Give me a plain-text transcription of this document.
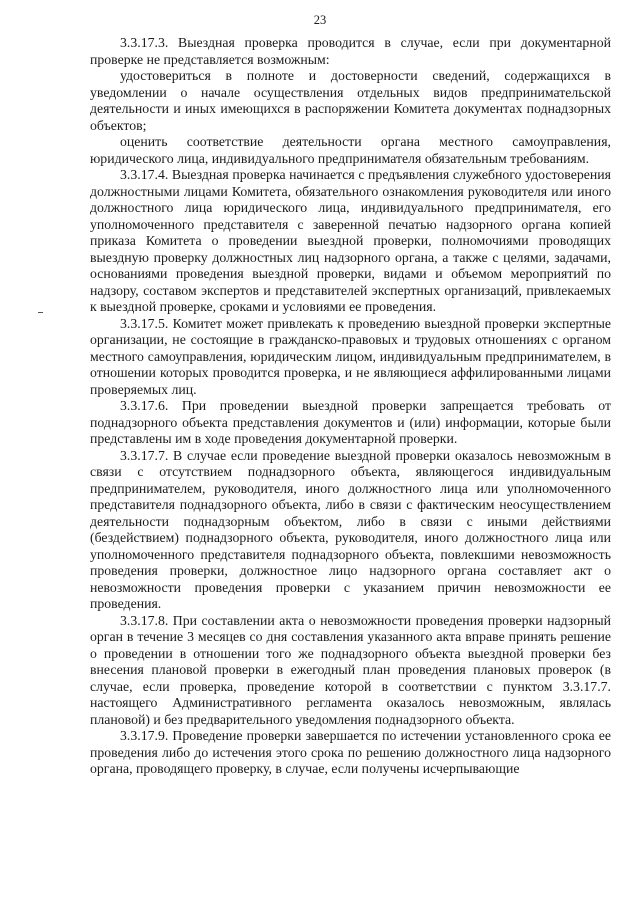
23

3.3.17.3. Выездная проверка проводится в случае, если при документарной проверке не представляется возможным:

удостовериться в полноте и достоверности сведений, содержащихся в уведомлении о начале осуществления отдельных видов предпринимательской деятельности и иных имеющихся в распоряжении Комитета документах поднадзорных объектов;

оценить соответствие деятельности органа местного самоуправления, юридического лица, индивидуального предпринимателя обязательным требованиям.

3.3.17.4. Выездная проверка начинается с предъявления служебного удостоверения должностными лицами Комитета, обязательного ознакомления руководителя или иного должностного лица юридического лица, индивидуального предпринимателя, его уполномоченного представителя с заверенной печатью надзорного органа копией приказа Комитета о проведении выездной проверки, полномочиями проводящих выездную проверку должностных лиц надзорного органа, а также с целями, задачами, основаниями проведения выездной проверки, видами и объемом мероприятий по надзору, составом экспертов и представителей экспертных организаций, привлекаемых к выездной проверке, сроками и условиями ее проведения.

3.3.17.5. Комитет может привлекать к проведению выездной проверки экспертные организации, не состоящие в гражданско-правовых и трудовых отношениях с органом местного самоуправления, юридическим лицом, индивидуальным предпринимателем, в отношении которых проводится проверка, и не являющиеся аффилированными лицами проверяемых лиц.

3.3.17.6. При проведении выездной проверки запрещается требовать от поднадзорного объекта представления документов и (или) информации, которые были представлены им в ходе проведения документарной проверки.

3.3.17.7. В случае если проведение выездной проверки оказалось невозможным в связи с отсутствием поднадзорного объекта, являющегося индивидуальным предпринимателем, руководителя, иного должностного лица или уполномоченного представителя поднадзорного объекта, либо в связи с фактическим неосуществлением деятельности поднадзорным объектом, либо в связи с иными действиями (бездействием) поднадзорного объекта, руководителя, иного должностного лица или уполномоченного представителя поднадзорного объекта, повлекшими невозможность проведения проверки, должностное лицо надзорного органа составляет акт о невозможности проведения проверки с указанием причин невозможности ее проведения.

3.3.17.8. При составлении акта о невозможности проведения проверки надзорный орган в течение 3 месяцев со дня составления указанного акта вправе принять решение о проведении в отношении того же поднадзорного объекта выездной проверки без внесения плановой проверки в ежегодный план проведения плановых проверок (в случае, если проверка, проведение которой в соответствии с пунктом 3.3.17.7. настоящего Административного регламента оказалось невозможным, являлась плановой) и без предварительного уведомления поднадзорного объекта.

3.3.17.9. Проведение проверки завершается по истечении установленного срока ее проведения либо до истечения этого срока по решению должностного лица надзорного органа, проводящего проверку, в случае, если получены исчерпывающие
